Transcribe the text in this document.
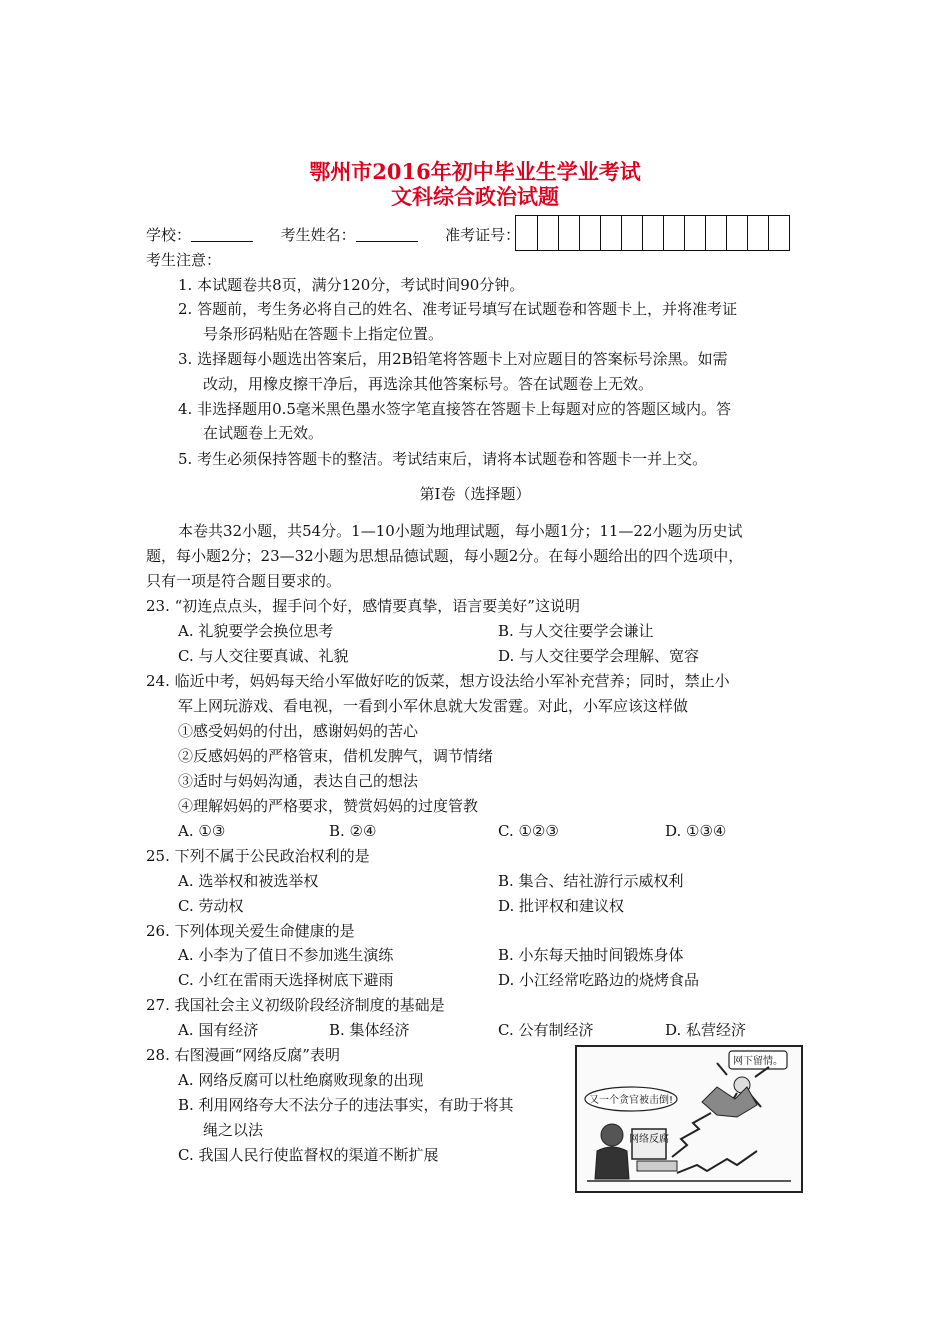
鄂州市2016年初中毕业生学业考试
文科综合政治试题
学校：	考生姓名：	准考证号：
考生注意：
1. 本试题卷共8页，满分120分，考试时间90分钟。
2. 答题前，考生务必将自己的姓名、准考证号填写在试题卷和答题卡上，并将准考证
号条形码粘贴在答题卡上指定位置。
3. 选择题每小题选出答案后，用2B铅笔将答题卡上对应题目的答案标号涂黑。如需
改动，用橡皮擦干净后，再选涂其他答案标号。答在试题卷上无效。
4. 非选择题用0.5毫米黑色墨水签字笔直接答在答题卡上每题对应的答题区域内。答
在试题卷上无效。
5. 考生必须保持答题卡的整洁。考试结束后，请将本试题卷和答题卡一并上交。
第Ⅰ卷（选择题）
本卷共32小题，共54分。1—10小题为地理试题，每小题1分；11—22小题为历史试
题，每小题2分；23—32小题为思想品德试题，每小题2分。在每小题给出的四个选项中，
只有一项是符合题目要求的。
23. “初连点点头，握手问个好，感情要真挚，语言要美好”这说明
A. 礼貌要学会换位思考	B. 与人交往要学会谦让
C. 与人交往要真诚、礼貌	D. 与人交往要学会理解、宽容
24. 临近中考，妈妈每天给小军做好吃的饭菜，想方设法给小军补充营养；同时，禁止小
军上网玩游戏、看电视，一看到小军休息就大发雷霆。对此，小军应该这样做
①感受妈妈的付出，感谢妈妈的苦心
②反感妈妈的严格管束，借机发脾气，调节情绪
③适时与妈妈沟通，表达自己的想法
④理解妈妈的严格要求，赞赏妈妈的过度管教
A. ①③	B. ②④	C. ①②③	D. ①③④
25. 下列不属于公民政治权利的是
A. 选举权和被选举权	B. 集合、结社游行示威权利
C. 劳动权	D. 批评权和建议权
26. 下列体现关爱生命健康的是
A. 小李为了值日不参加逃生演练	B. 小东每天抽时间锻炼身体
C. 小红在雷雨天选择树底下避雨	D. 小江经常吃路边的烧烤食品
27. 我国社会主义初级阶段经济制度的基础是
A. 国有经济	B. 集体经济	C. 公有制经济	D. 私营经济
28. 右图漫画“网络反腐”表明
A. 网络反腐可以杜绝腐败现象的出现
B. 利用网络夸大不法分子的违法事实，有助于将其
绳之以法
C. 我国人民行使监督权的渠道不断扩展
网下留情。
又一个贪官被击倒!
网络反腐
